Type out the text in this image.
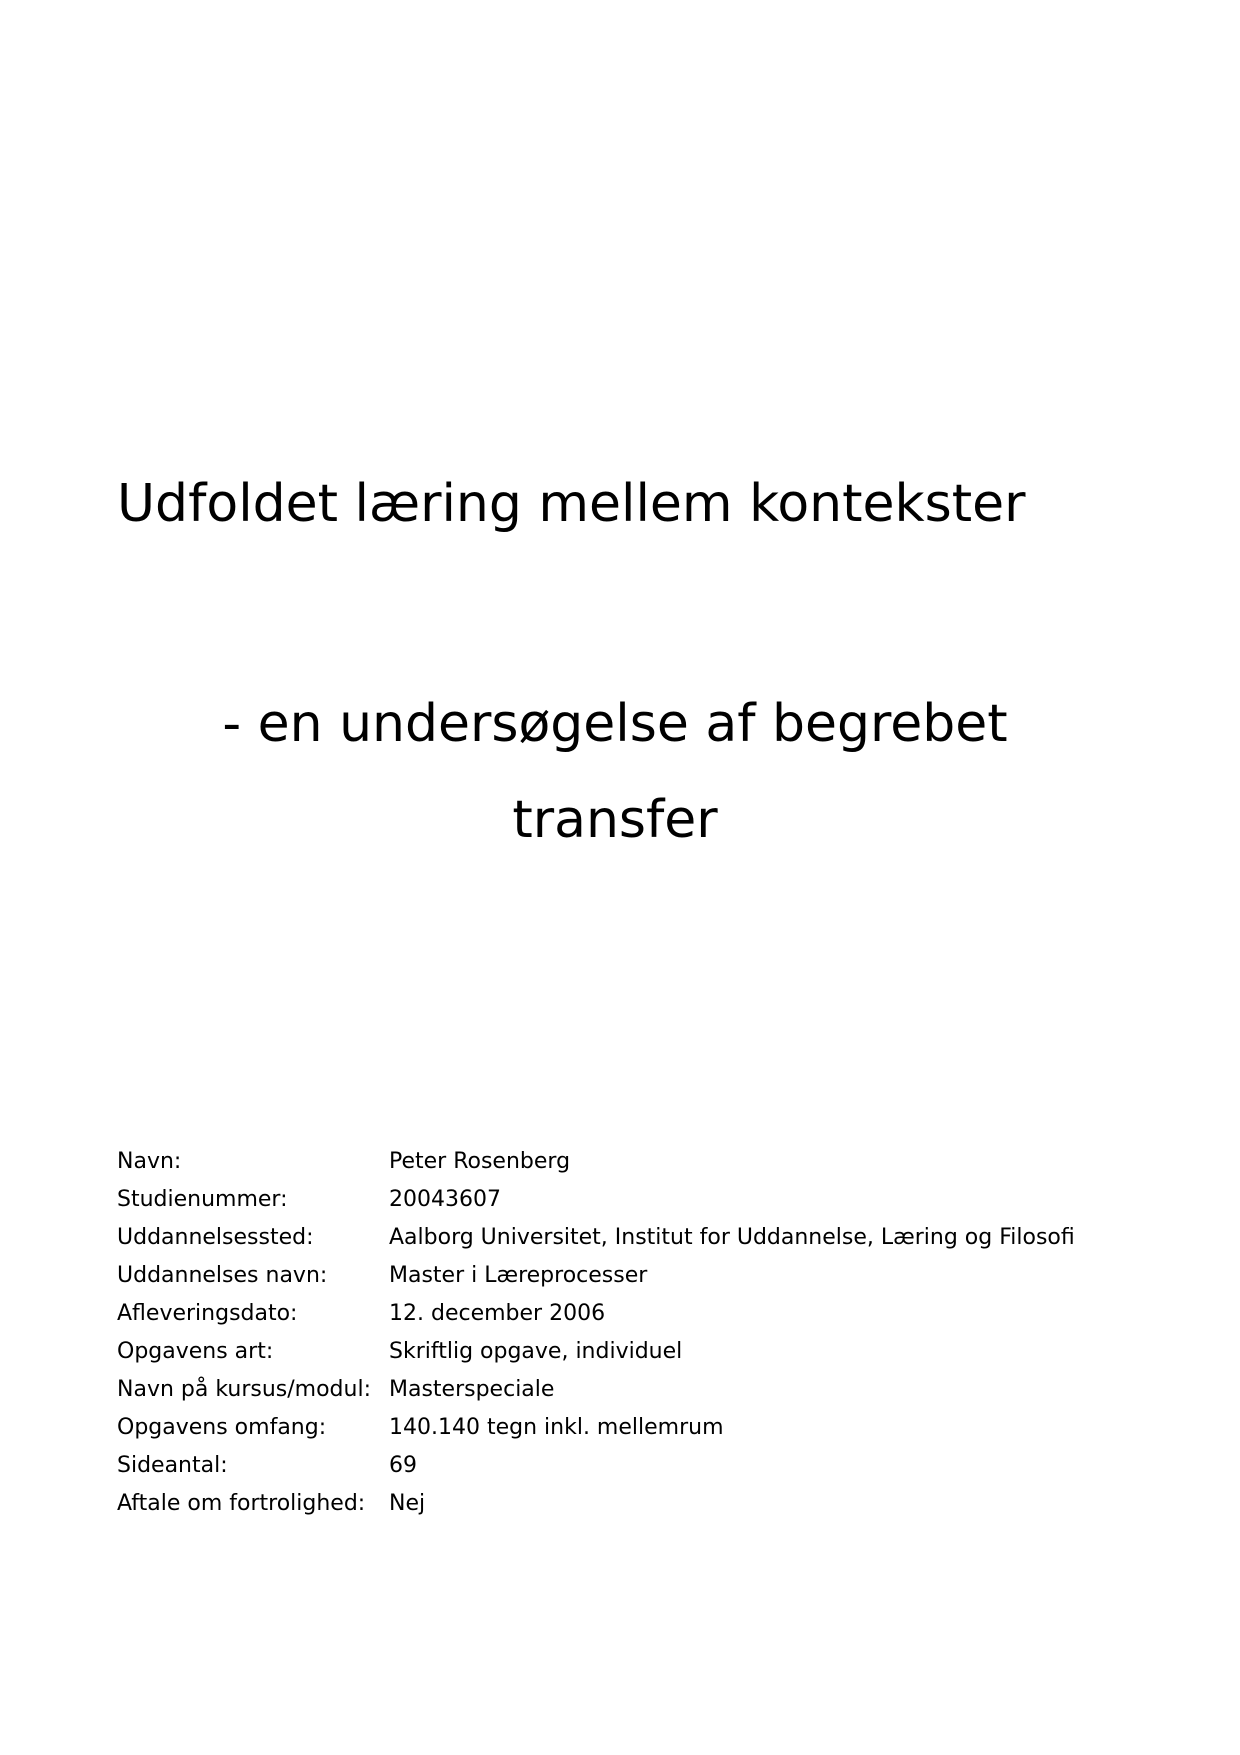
Udfoldet læring mellem kontekster
- en undersøgelse af begrebet
transfer
Navn:	Peter Rosenberg
Studienummer:	20043607
Uddannelsessted:	Aalborg Universitet, Institut for Uddannelse, Læring og Filosofi
Uddannelses navn:	Master i Læreprocesser
Afleveringsdato:	12. december 2006
Opgavens art:	Skriftlig opgave, individuel
Navn på kursus/modul: Masterspeciale
Opgavens omfang:	140.140 tegn inkl. mellemrum
Sideantal:	69
Aftale om fortrolighed:	Nej
